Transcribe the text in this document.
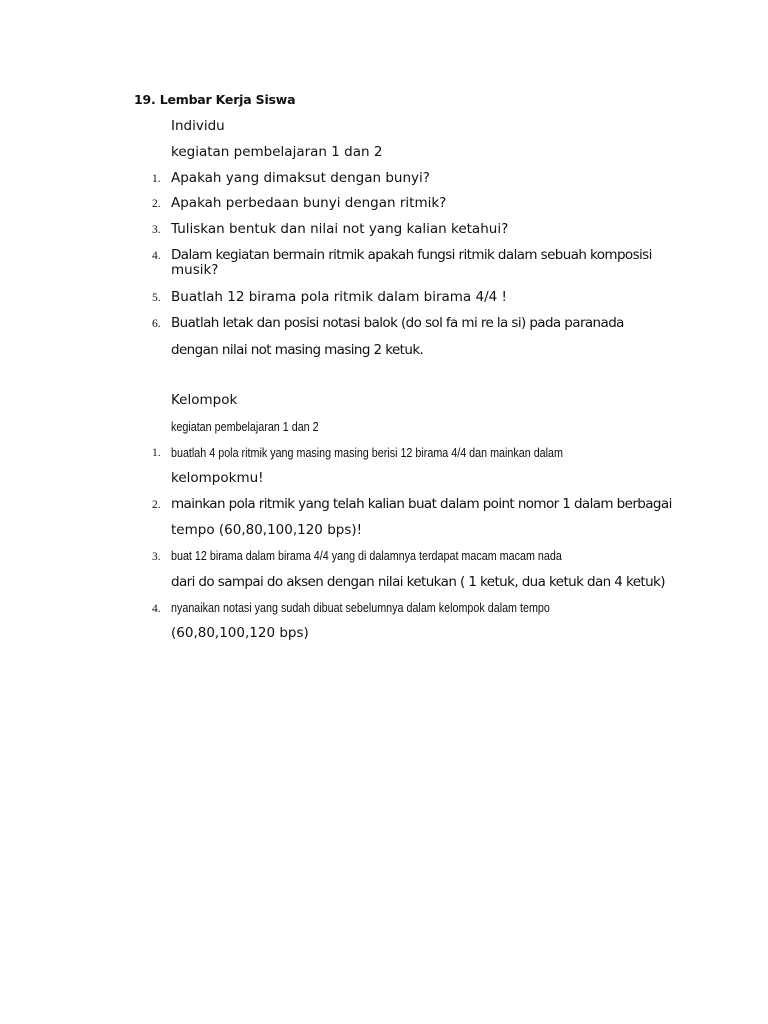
19. Lembar Kerja Siswa
Individu
kegiatan pembelajaran 1 dan 2
1. Apakah yang dimaksut dengan bunyi?
2. Apakah perbedaan bunyi dengan ritmik?
3. Tuliskan bentuk dan nilai not yang kalian ketahui?
4. Dalam kegiatan bermain ritmik apakah fungsi ritmik dalam sebuah komposisi
musik?
5. Buatlah 12 birama pola ritmik dalam birama 4/4 !
6. Buatlah letak dan posisi notasi balok (do sol fa mi re la si) pada paranada
dengan nilai not masing masing 2 ketuk.
Kelompok
kegiatan pembelajaran 1 dan 2
1. buatlah 4 pola ritmik yang masing masing berisi 12 birama 4/4 dan mainkan dalam
kelompokmu!
2. mainkan pola ritmik yang telah kalian buat dalam point nomor 1 dalam berbagai
tempo (60,80,100,120 bps)!
3. buat 12 birama dalam birama 4/4 yang di dalamnya terdapat macam macam nada
dari do sampai do aksen dengan nilai ketukan ( 1 ketuk, dua ketuk dan 4 ketuk)
4. nyanaikan notasi yang sudah dibuat sebelumnya dalam kelompok dalam tempo
(60,80,100,120 bps)
